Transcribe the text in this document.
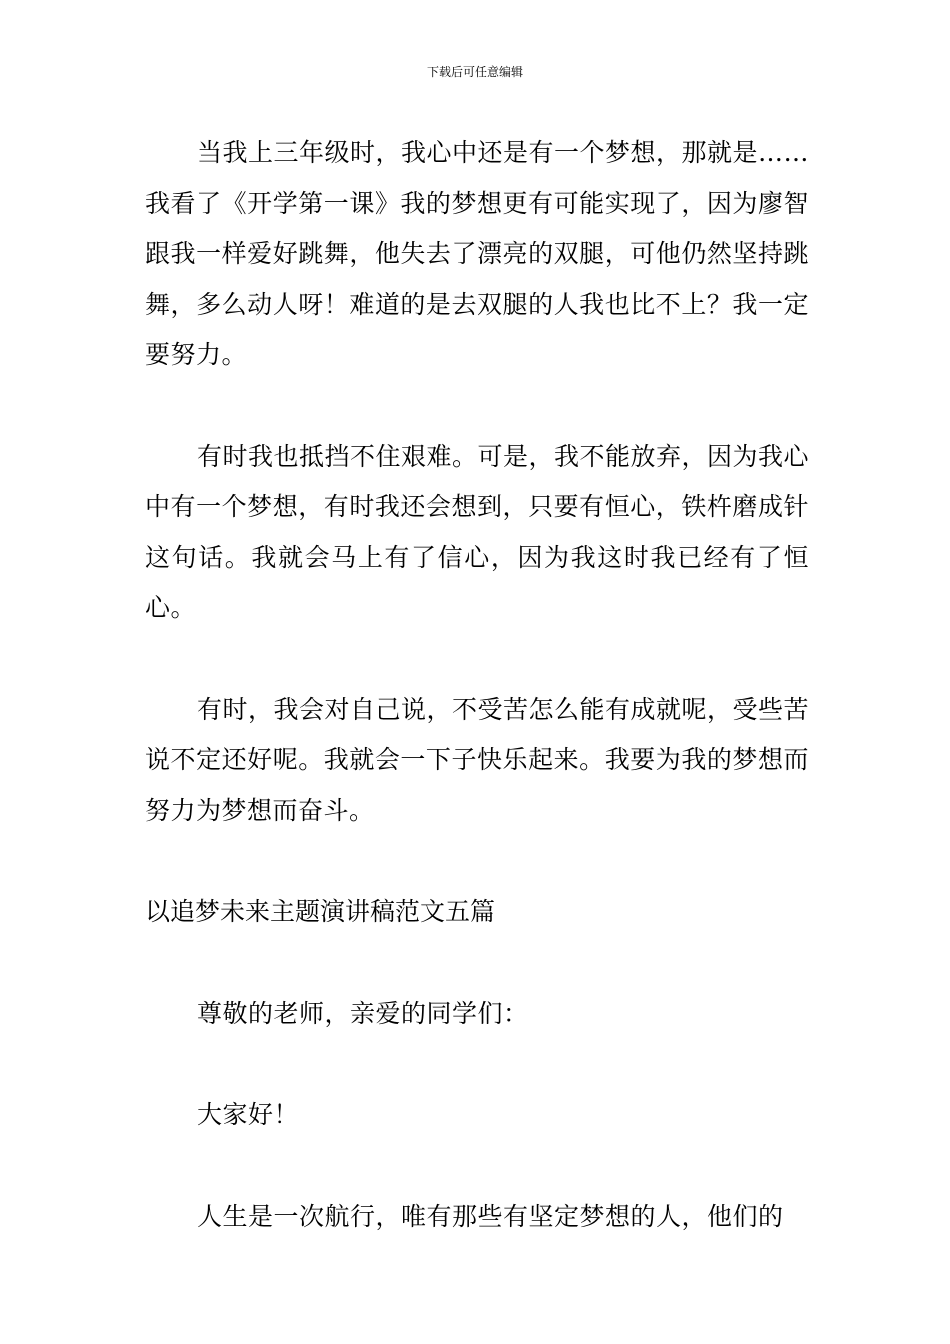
下载后可任意编辑

当我上三年级时，我心中还是有一个梦想，那就是……我看了《开学第一课》我的梦想更有可能实现了，因为廖智跟我一样爱好跳舞，他失去了漂亮的双腿，可他仍然坚持跳舞，多么动人呀！难道的是去双腿的人我也比不上？我一定要努力。

有时我也抵挡不住艰难。可是，我不能放弃，因为我心中有一个梦想，有时我还会想到，只要有恒心，铁杵磨成针这句话。我就会马上有了信心，因为我这时我已经有了恒心。

有时，我会对自己说，不受苦怎么能有成就呢，受些苦说不定还好呢。我就会一下子快乐起来。我要为我的梦想而努力为梦想而奋斗。

以追梦未来主题演讲稿范文五篇

尊敬的老师，亲爱的同学们：

大家好！

人生是一次航行，唯有那些有坚定梦想的人，他们的
